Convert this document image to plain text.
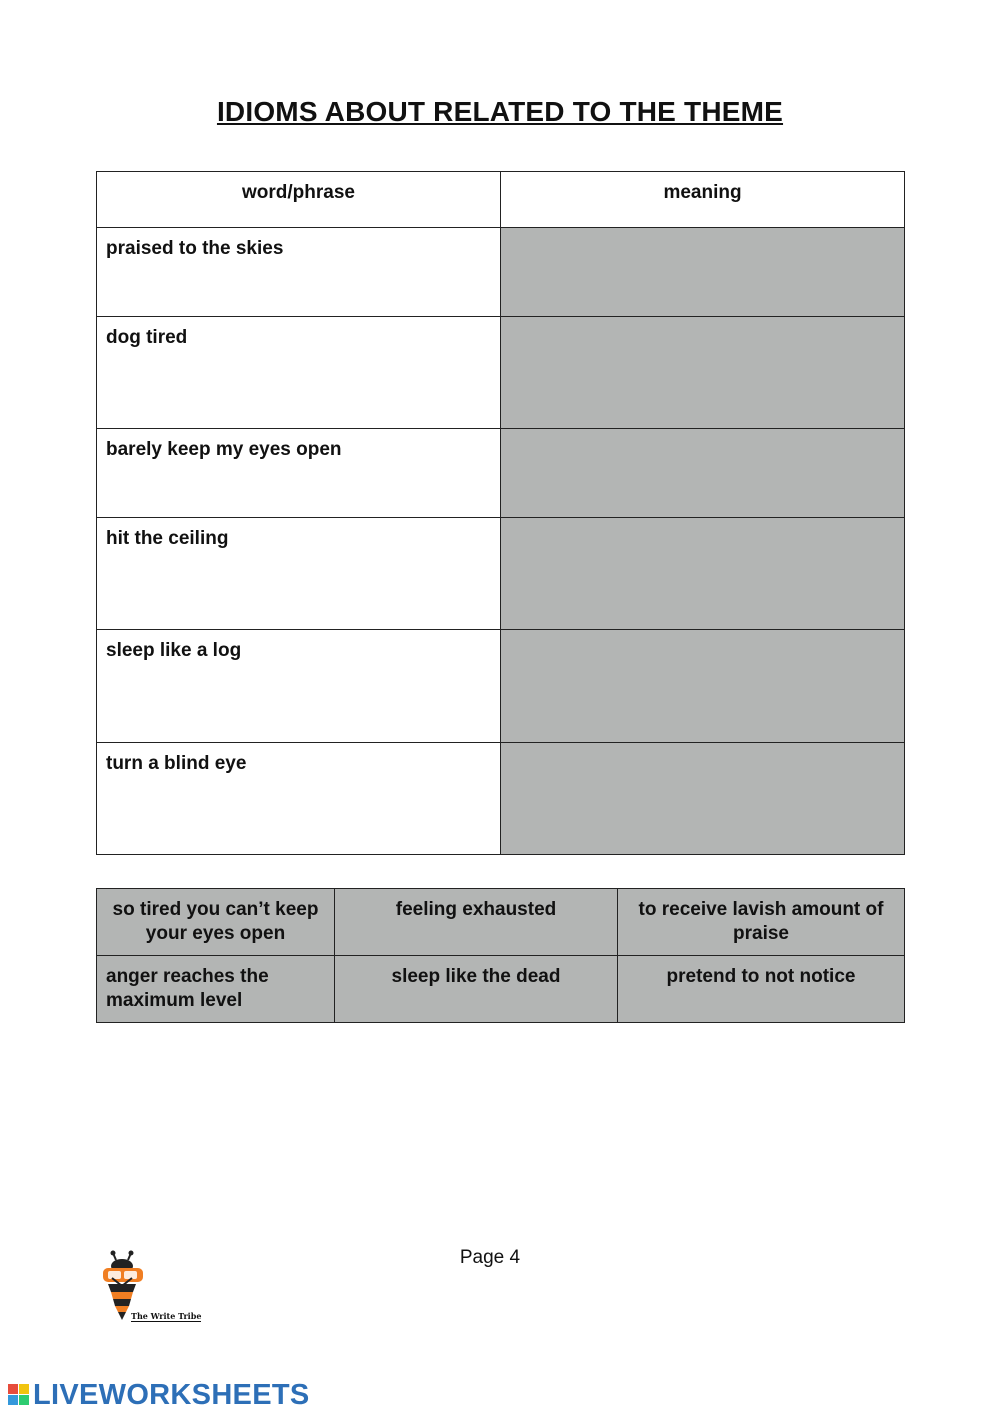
IDIOMS ABOUT RELATED TO THE THEME
word/phrase	meaning
praised to the skies	
dog tired	
barely keep my eyes open	
hit the ceiling	
sleep like a log	
turn a blind eye	
so tired you can’t keep your eyes open	feeling exhausted	to receive lavish amount of praise
anger reaches the maximum level	sleep like the dead	pretend to not notice
Page 4
The Write Tribe
LIVEWORKSHEETS
